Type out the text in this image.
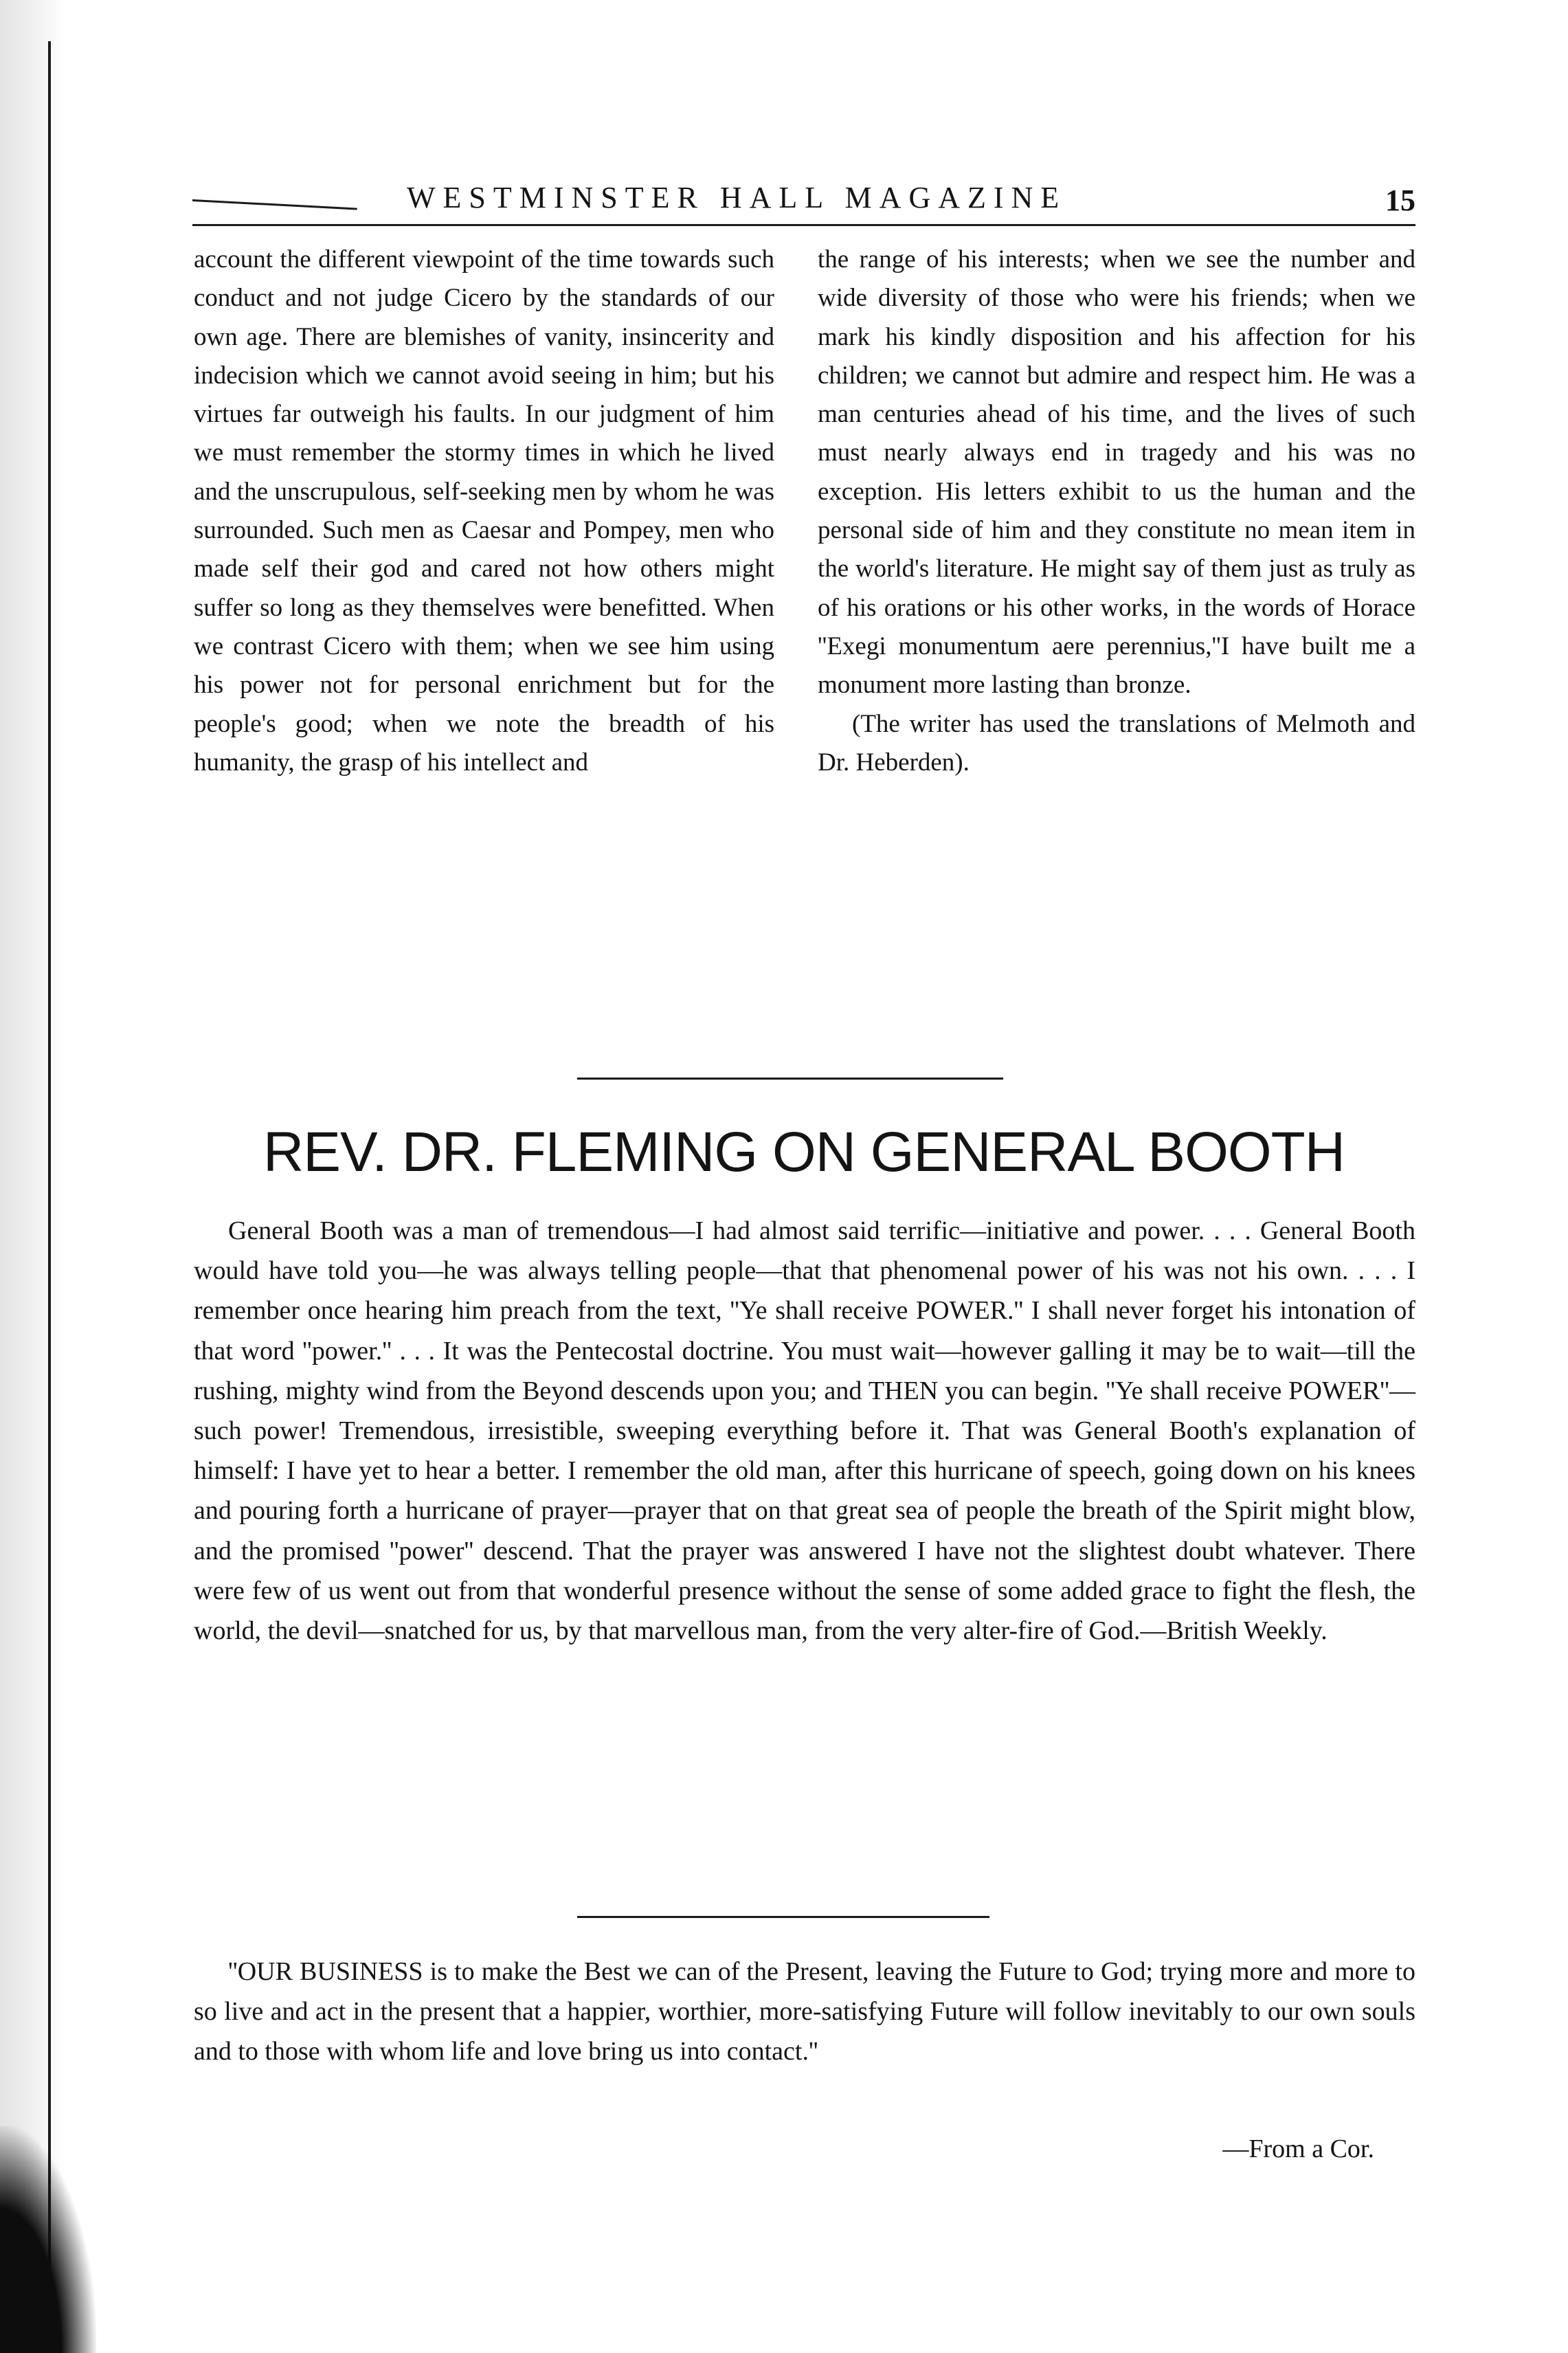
WESTMINSTER HALL MAGAZINE	15

account the different viewpoint of the time towards such conduct and not judge Cicero by the standards of our own age. There are blemishes of vanity, insincerity and indecision which we cannot avoid seeing in him; but his virtues far outweigh his faults. In our judgment of him we must remember the stormy times in which he lived and the unscrupulous, self-seeking men by whom he was surrounded. Such men as Caesar and Pompey, men who made self their god and cared not how others might suffer so long as they themselves were benefitted. When we contrast Cicero with them; when we see him using his power not for personal enrichment but for the people's good; when we note the breadth of his humanity, the grasp of his intellect and

the range of his interests; when we see the number and wide diversity of those who were his friends; when we mark his kindly disposition and his affection for his children; we cannot but admire and respect him. He was a man centuries ahead of his time, and the lives of such must nearly always end in tragedy and his was no exception. His letters exhibit to us the human and the personal side of him and they constitute no mean item in the world's literature. He might say of them just as truly as of his orations or his other works, in the words of Horace ''Exegi monumentum aere perennius,''I have built me a monument more lasting than bronze.

(The writer has used the translations of Melmoth and Dr. Heberden).

REV. DR. FLEMING ON GENERAL BOOTH

General Booth was a man of tremendous—I had almost said terrific—initiative and power. . . . General Booth would have told you—he was always telling people—that that phenomenal power of his was not his own. . . . I remember once hearing him preach from the text, ''Ye shall receive POWER.'' I shall never forget his intonation of that word ''power.'' . . . It was the Pentecostal doctrine. You must wait—however galling it may be to wait—till the rushing, mighty wind from the Beyond descends upon you; and THEN you can begin. ''Ye shall receive POWER''—such power! Tremendous, irresistible, sweeping everything before it. That was General Booth's explanation of himself: I have yet to hear a better. I remember the old man, after this hurricane of speech, going down on his knees and pouring forth a hurricane of prayer—prayer that on that great sea of people the breath of the Spirit might blow, and the promised ''power'' descend. That the prayer was answered I have not the slightest doubt whatever. There were few of us went out from that wonderful presence without the sense of some added grace to fight the flesh, the world, the devil—snatched for us, by that marvellous man, from the very alter-fire of God.—British Weekly.

''OUR BUSINESS is to make the Best we can of the Present, leaving the Future to God; trying more and more to so live and act in the present that a happier, worthier, more-satisfying Future will follow inevitably to our own souls and to those with whom life and love bring us into contact.''

—From a Cor.
